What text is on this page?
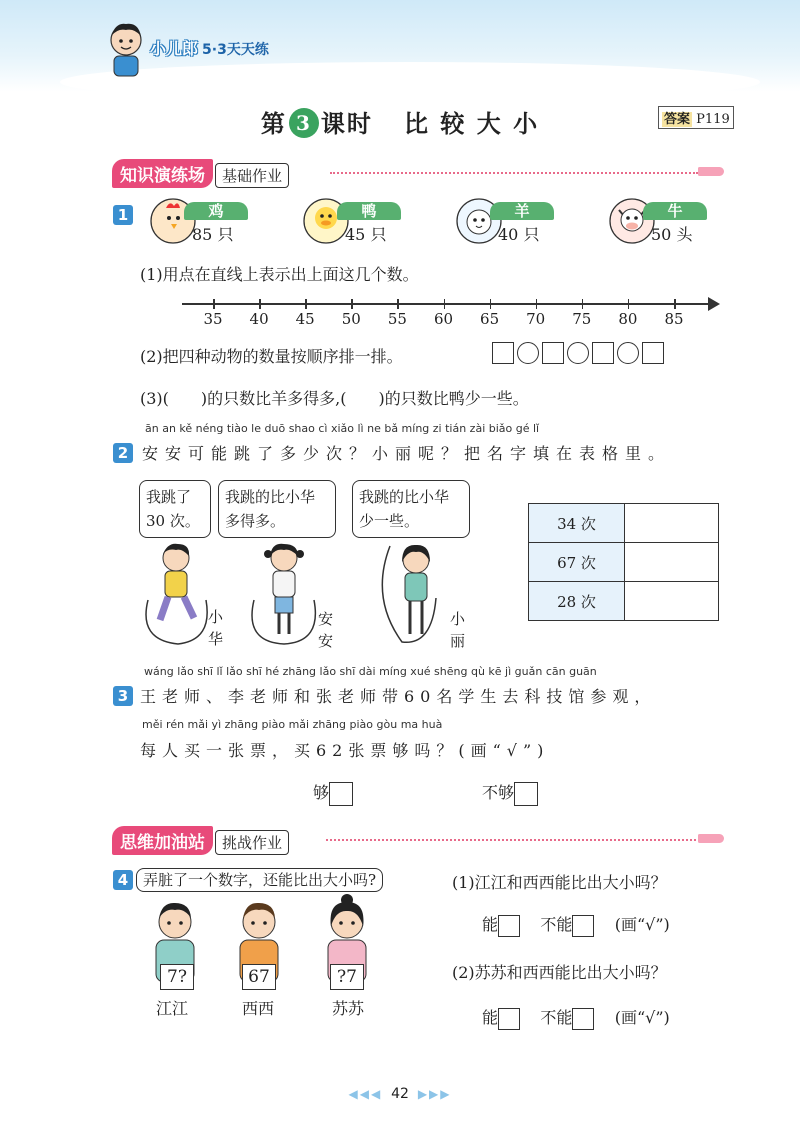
小儿郎 5·3天天练
第 3 课时 比 较 大 小	答案 P119
知识演练场 基础作业
1	鸡
85 只
鸭
45 只
羊
40 只
牛
50 头
(1)用点在直线上表示出上面这几个数。
35	40	45	50	55	60	65	70	75	80	85
(2)把四种动物的数量按顺序排一排。
(3)(　　)的只数比羊多得多,(　　)的只数比鸭少一些。
ān an kě néng tiào le duō shao cì xiǎo lì ne bǎ míng zi tián zài biǎo gé lǐ
2 安安可能跳了多少次？小丽呢？把名字填在表格里。
我跳了
30 次。
我跳的比小华
多得多。
我跳的比小华
少一些。
小
华
安
安
小
丽
34 次	
67 次	
28 次	
wáng lǎo shī lǐ lǎo shī hé zhāng lǎo shī dài míng xué shēng qù kē jì guǎn cān guān
3 王老师、李老师和张老师带60名学生去科技馆参观，
měi rén mǎi yì zhāng piào mǎi zhāng piào gòu ma huà
每人买一张票，买62张票够吗？(画“√”)
够	不够
思维加油站 挑战作业
4 弄脏了一个数字，还能比出大小吗?
7?	67	?7
江江	西西	苏苏
(1)江江和西西能比出大小吗？
能	不能	(画“√”)
(2)苏苏和西西能比出大小吗？
能	不能	(画“√”)
◀◀◀ 42 ▶▶▶
